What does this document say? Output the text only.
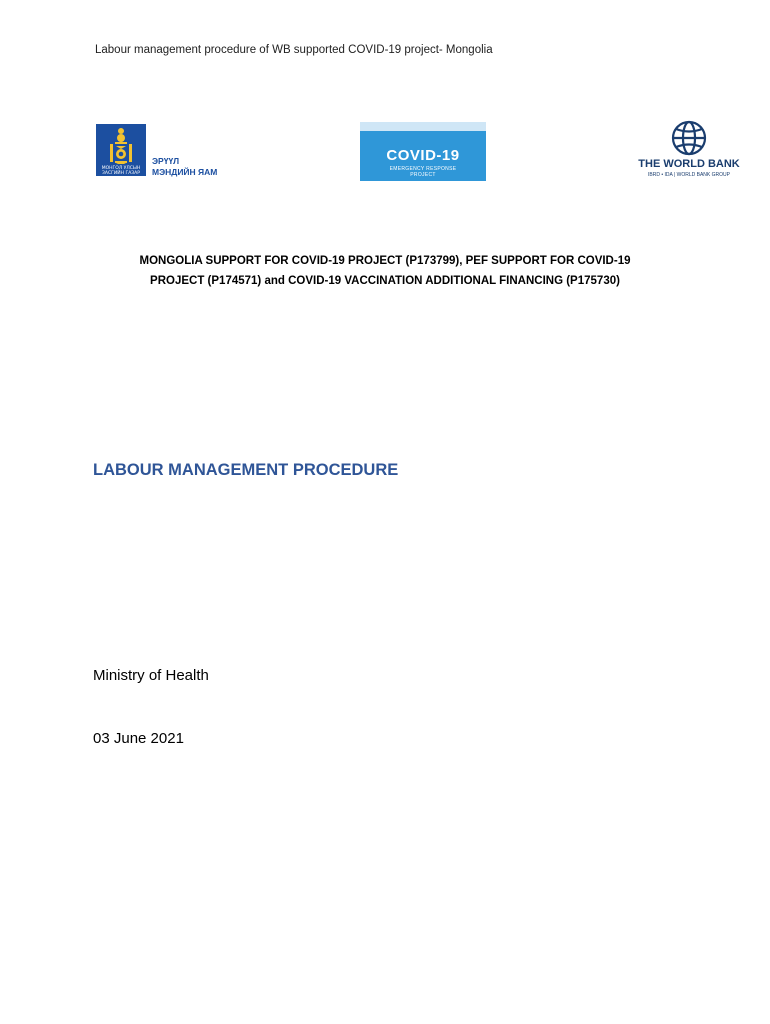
Labour management procedure of WB supported COVID-19 project- Mongolia
МОНГОЛ УЛСЫН
ЗАСГИЙН ГАЗАР
ЭРҮҮЛ
МЭНДИЙН ЯАМ
COVID-19
EMERGENCY RESPONSE
PROJECT
THE WORLD BANK
IBRD • IDA | WORLD BANK GROUP
MONGOLIA SUPPORT FOR COVID-19 PROJECT (P173799), PEF SUPPORT FOR COVID-19
PROJECT (P174571) and COVID-19 VACCINATION ADDITIONAL FINANCING (P175730)
LABOUR MANAGEMENT PROCEDURE
Ministry of Health
03 June 2021
